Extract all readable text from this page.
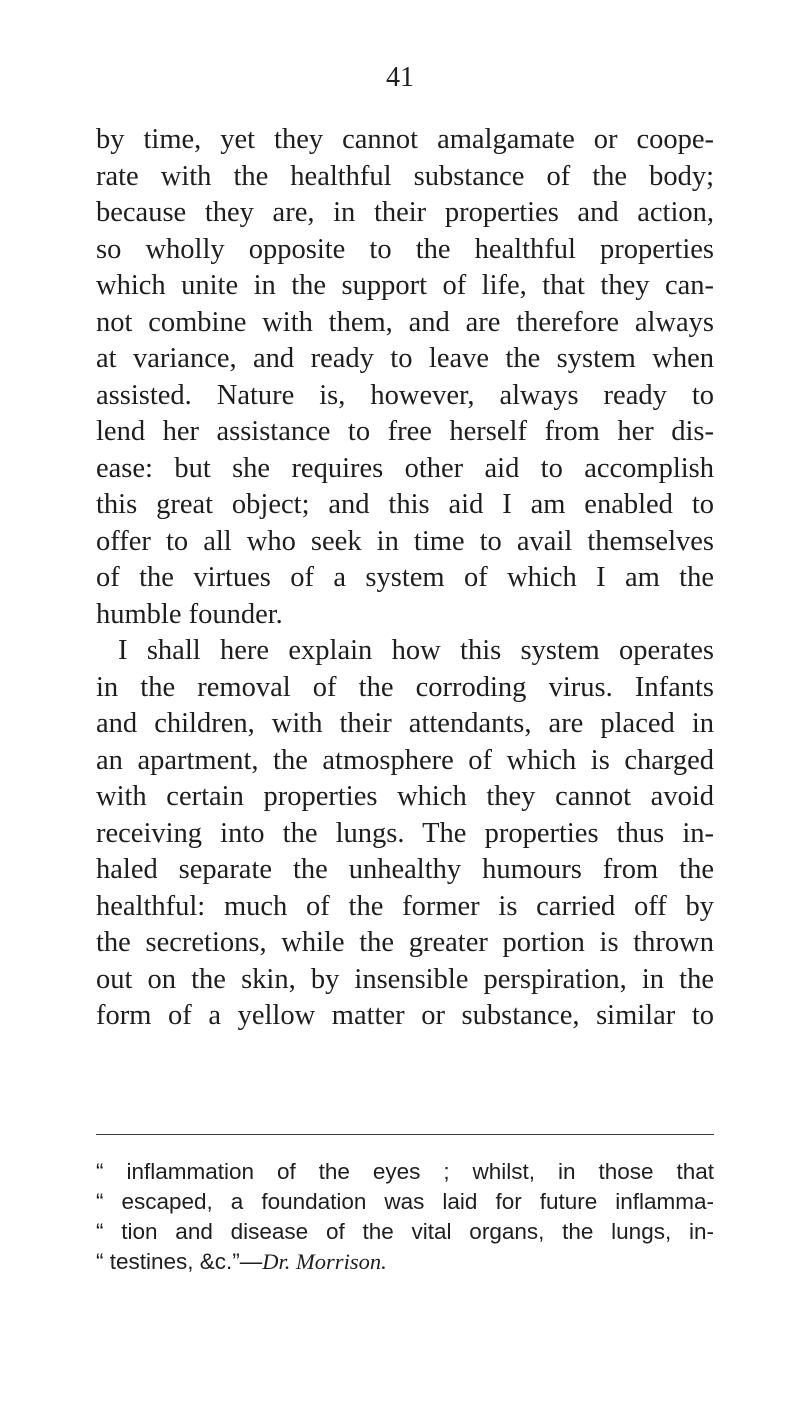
41
by time, yet they cannot amalgamate or coope-
rate with the healthful substance of the body;
because they are, in their properties and action,
so wholly opposite to the healthful properties
which unite in the support of life, that they can-
not combine with them, and are therefore always
at variance, and ready to leave the system when
assisted. Nature is, however, always ready to
lend her assistance to free herself from her dis-
ease: but she requires other aid to accomplish
this great object; and this aid I am enabled to
offer to all who seek in time to avail themselves
of the virtues of a system of which I am the
humble founder.
I shall here explain how this system operates
in the removal of the corroding virus. Infants
and children, with their attendants, are placed in
an apartment, the atmosphere of which is charged
with certain properties which they cannot avoid
receiving into the lungs. The properties thus in-
haled separate the unhealthy humours from the
healthful: much of the former is carried off by
the secretions, while the greater portion is thrown
out on the skin, by insensible perspiration, in the
form of a yellow matter or substance, similar to
“ inflammation of the eyes ; whilst, in those that
“ escaped, a foundation was laid for future inflamma-
“ tion and disease of the vital organs, the lungs, in-
“ testines, &c.”—Dr. Morrison.
